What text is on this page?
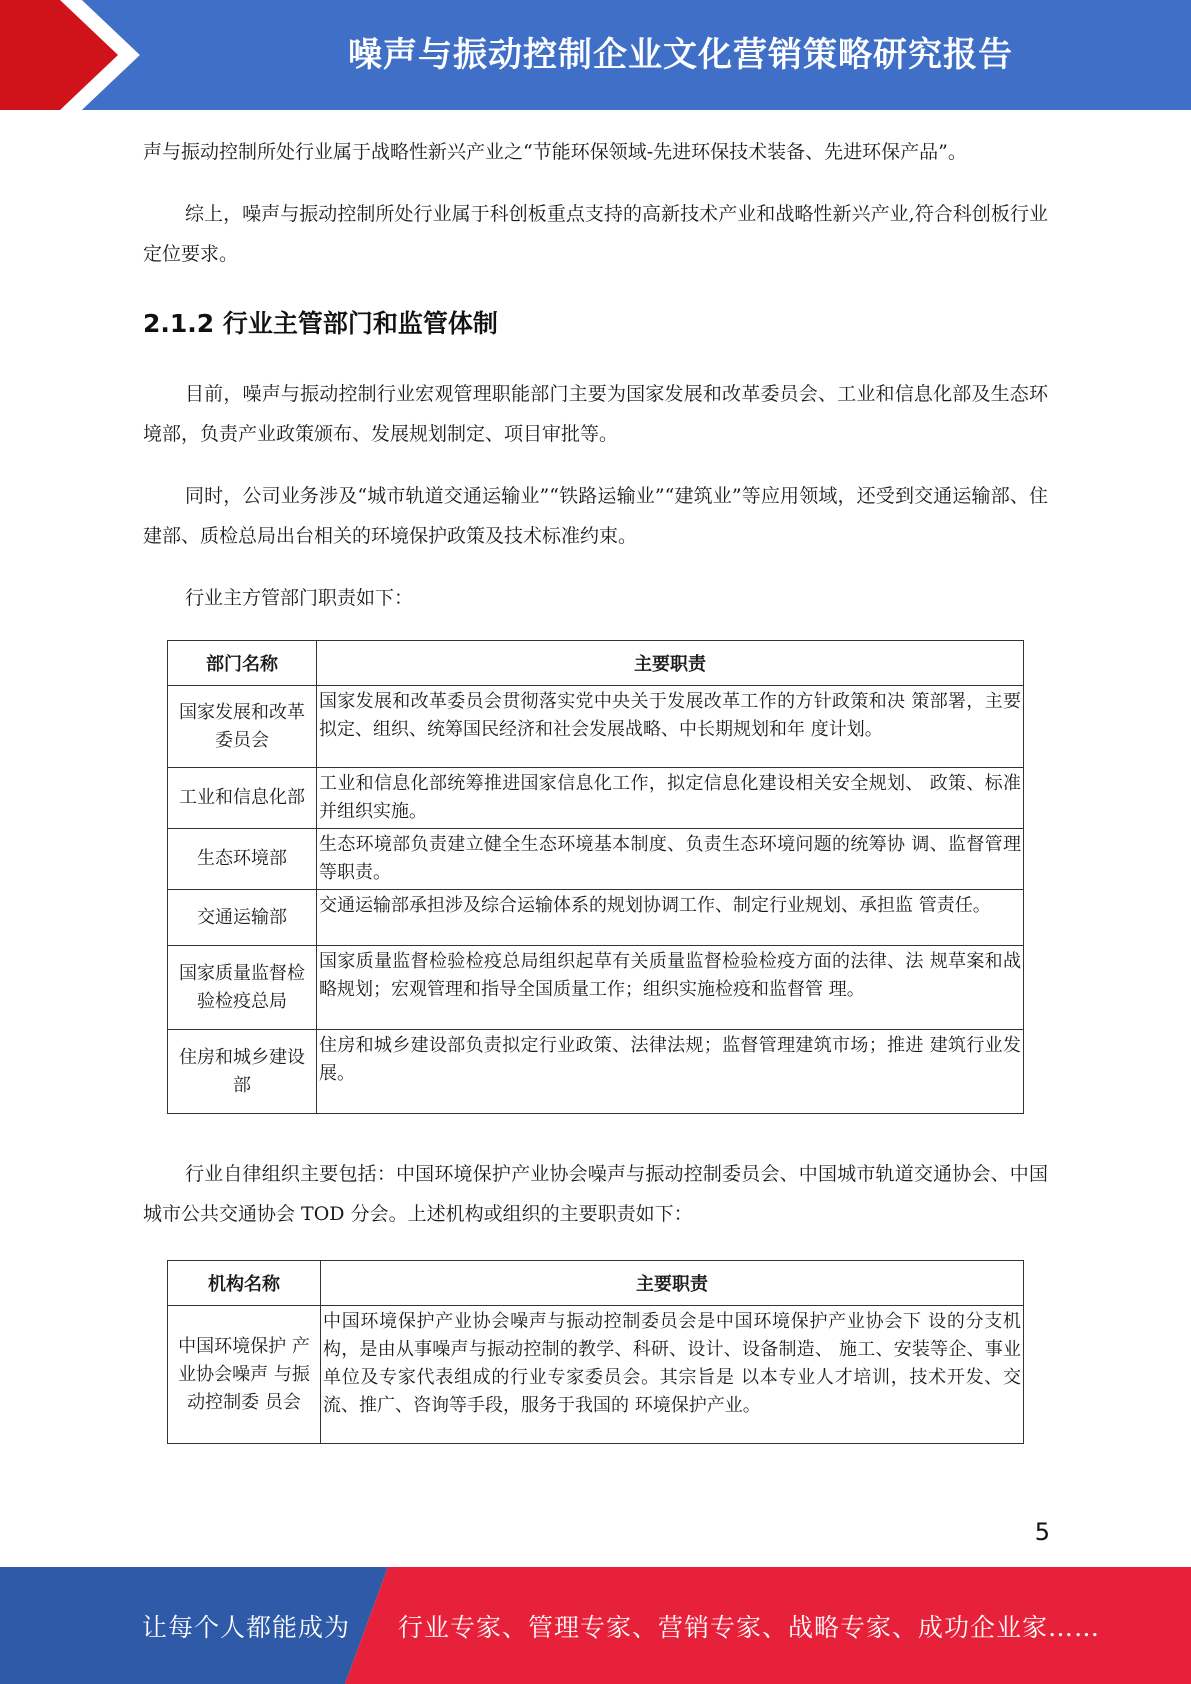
噪声与振动控制企业文化营销策略研究报告

声与振动控制所处行业属于战略性新兴产业之“节能环保领域-先进环保技术装备、先进环保产品”。

综上，噪声与振动控制所处行业属于科创板重点支持的高新技术产业和战略性新兴产业,符合科创板行业定位要求。

2.1.2 行业主管部门和监管体制

目前，噪声与振动控制行业宏观管理职能部门主要为国家发展和改革委员会、工业和信息化部及生态环境部，负责产业政策颁布、发展规划制定、项目审批等。

同时，公司业务涉及“城市轨道交通运输业”“铁路运输业”“建筑业”等应用领域，还受到交通运输部、住建部、质检总局出台相关的环境保护政策及技术标准约束。

行业主方管部门职责如下：

部门名称	主要职责
国家发展和改革委员会	国家发展和改革委员会贯彻落实党中央关于发展改革工作的方针政策和决 策部署，主要拟定、组织、统筹国民经济和社会发展战略、中长期规划和年 度计划。
工业和信息化部	工业和信息化部统筹推进国家信息化工作，拟定信息化建设相关安全规划、 政策、标准并组织实施。
生态环境部	生态环境部负责建立健全生态环境基本制度、负责生态环境问题的统筹协 调、监督管理等职责。
交通运输部	交通运输部承担涉及综合运输体系的规划协调工作、制定行业规划、承担监 管责任。
国家质量监督检验检疫总局	国家质量监督检验检疫总局组织起草有关质量监督检验检疫方面的法律、法 规草案和战略规划；宏观管理和指导全国质量工作；组织实施检疫和监督管 理。
住房和城乡建设部	住房和城乡建设部负责拟定行业政策、法律法规；监督管理建筑市场；推进 建筑行业发展。

行业自律组织主要包括：中国环境保护产业协会噪声与振动控制委员会、中国城市轨道交通协会、中国城市公共交通协会 TOD 分会。上述机构或组织的主要职责如下：

机构名称	主要职责
中国环境保护 产业协会噪声 与振动控制委 员会	中国环境保护产业协会噪声与振动控制委员会是中国环境保护产业协会下 设的分支机构，是由从事噪声与振动控制的教学、科研、设计、设备制造、 施工、安装等企、事业单位及专家代表组成的行业专家委员会。其宗旨是 以本专业人才培训，技术开发、交流、推广、咨询等手段，服务于我国的 环境保护产业。
5
让每个人都能成为 行业专家、管理专家、营销专家、战略专家、成功企业家……
